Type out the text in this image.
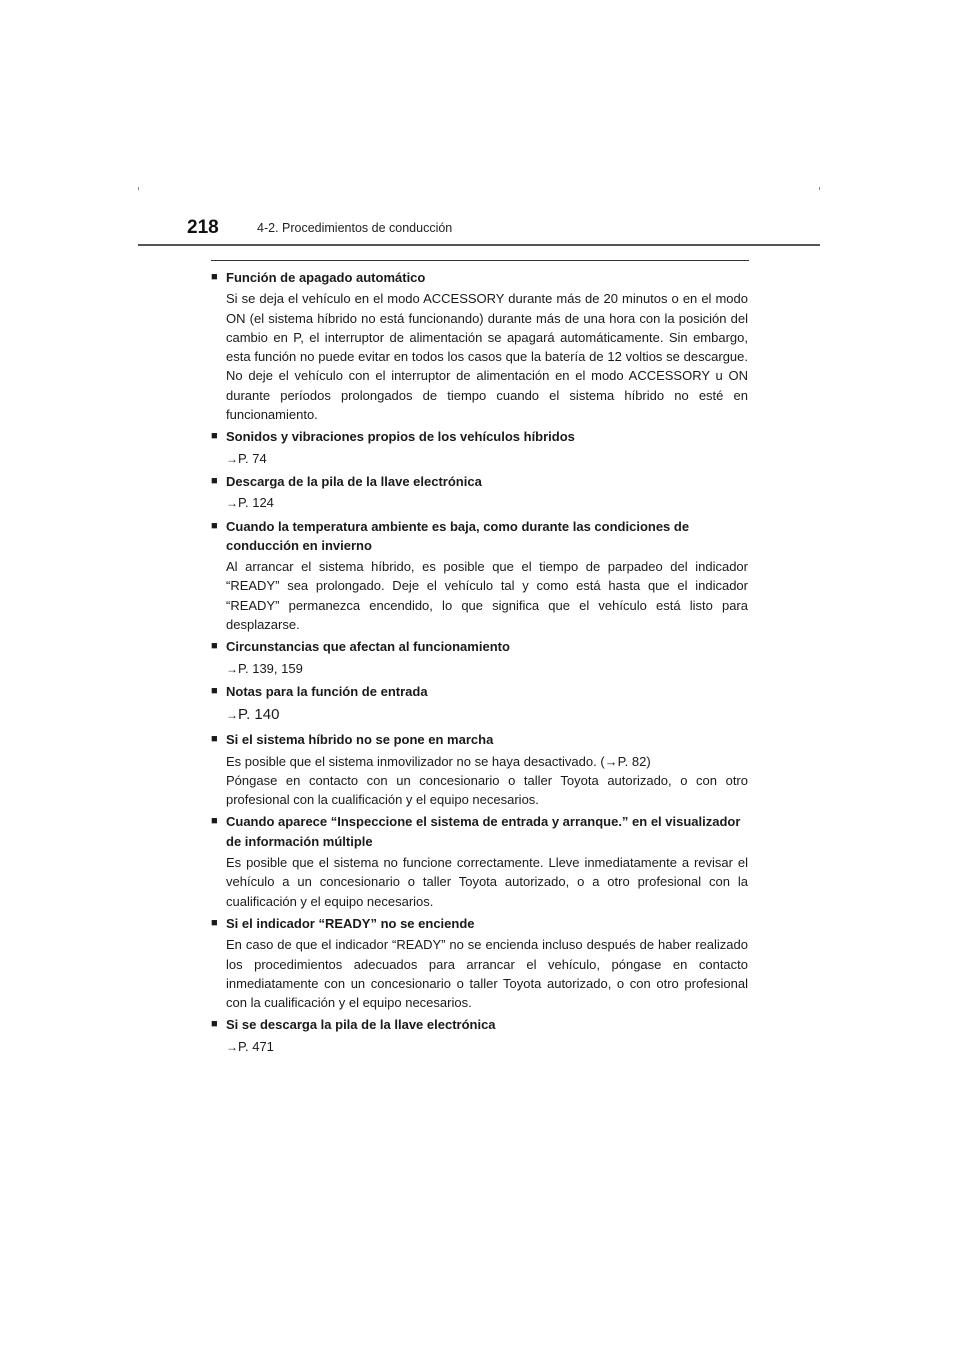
218	4-2. Procedimientos de conducción
■ Función de apagado automático

Si se deja el vehículo en el modo ACCESSORY durante más de 20 minutos o en el modo ON (el sistema híbrido no está funcionando) durante más de una hora con la posición del cambio en P, el interruptor de alimentación se apagará automáticamente. Sin embargo, esta función no puede evitar en todos los casos que la batería de 12 voltios se descargue. No deje el vehículo con el interruptor de alimentación en el modo ACCESSORY u ON durante períodos prolongados de tiempo cuando el sistema híbrido no esté en funcionamiento.

■ Sonidos y vibraciones propios de los vehículos híbridos
→P. 74
■ Descarga de la pila de la llave electrónica
→P. 124
■ Cuando la temperatura ambiente es baja, como durante las condiciones de conducción en invierno

Al arrancar el sistema híbrido, es posible que el tiempo de parpadeo del indicador “READY” sea prolongado. Deje el vehículo tal y como está hasta que el indicador “READY” permanezca encendido, lo que significa que el vehículo está listo para desplazarse.

■ Circunstancias que afectan al funcionamiento
→P. 139, 159
■ Notas para la función de entrada
→P. 140
■ Si el sistema híbrido no se pone en marcha

Es posible que el sistema inmovilizador no se haya desactivado. (→P. 82)

Póngase en contacto con un concesionario o taller Toyota autorizado, o con otro profesional con la cualificación y el equipo necesarios.

■ Cuando aparece “Inspeccione el sistema de entrada y arranque.” en el visualizador de información múltiple

Es posible que el sistema no funcione correctamente. Lleve inmediatamente a revisar el vehículo a un concesionario o taller Toyota autorizado, o a otro profesional con la cualificación y el equipo necesarios.

■ Si el indicador “READY” no se enciende

En caso de que el indicador “READY” no se encienda incluso después de haber realizado los procedimientos adecuados para arrancar el vehículo, póngase en contacto inmediatamente con un concesionario o taller Toyota autorizado, o con otro profesional con la cualificación y el equipo necesarios.

■ Si se descarga la pila de la llave electrónica
→P. 471
